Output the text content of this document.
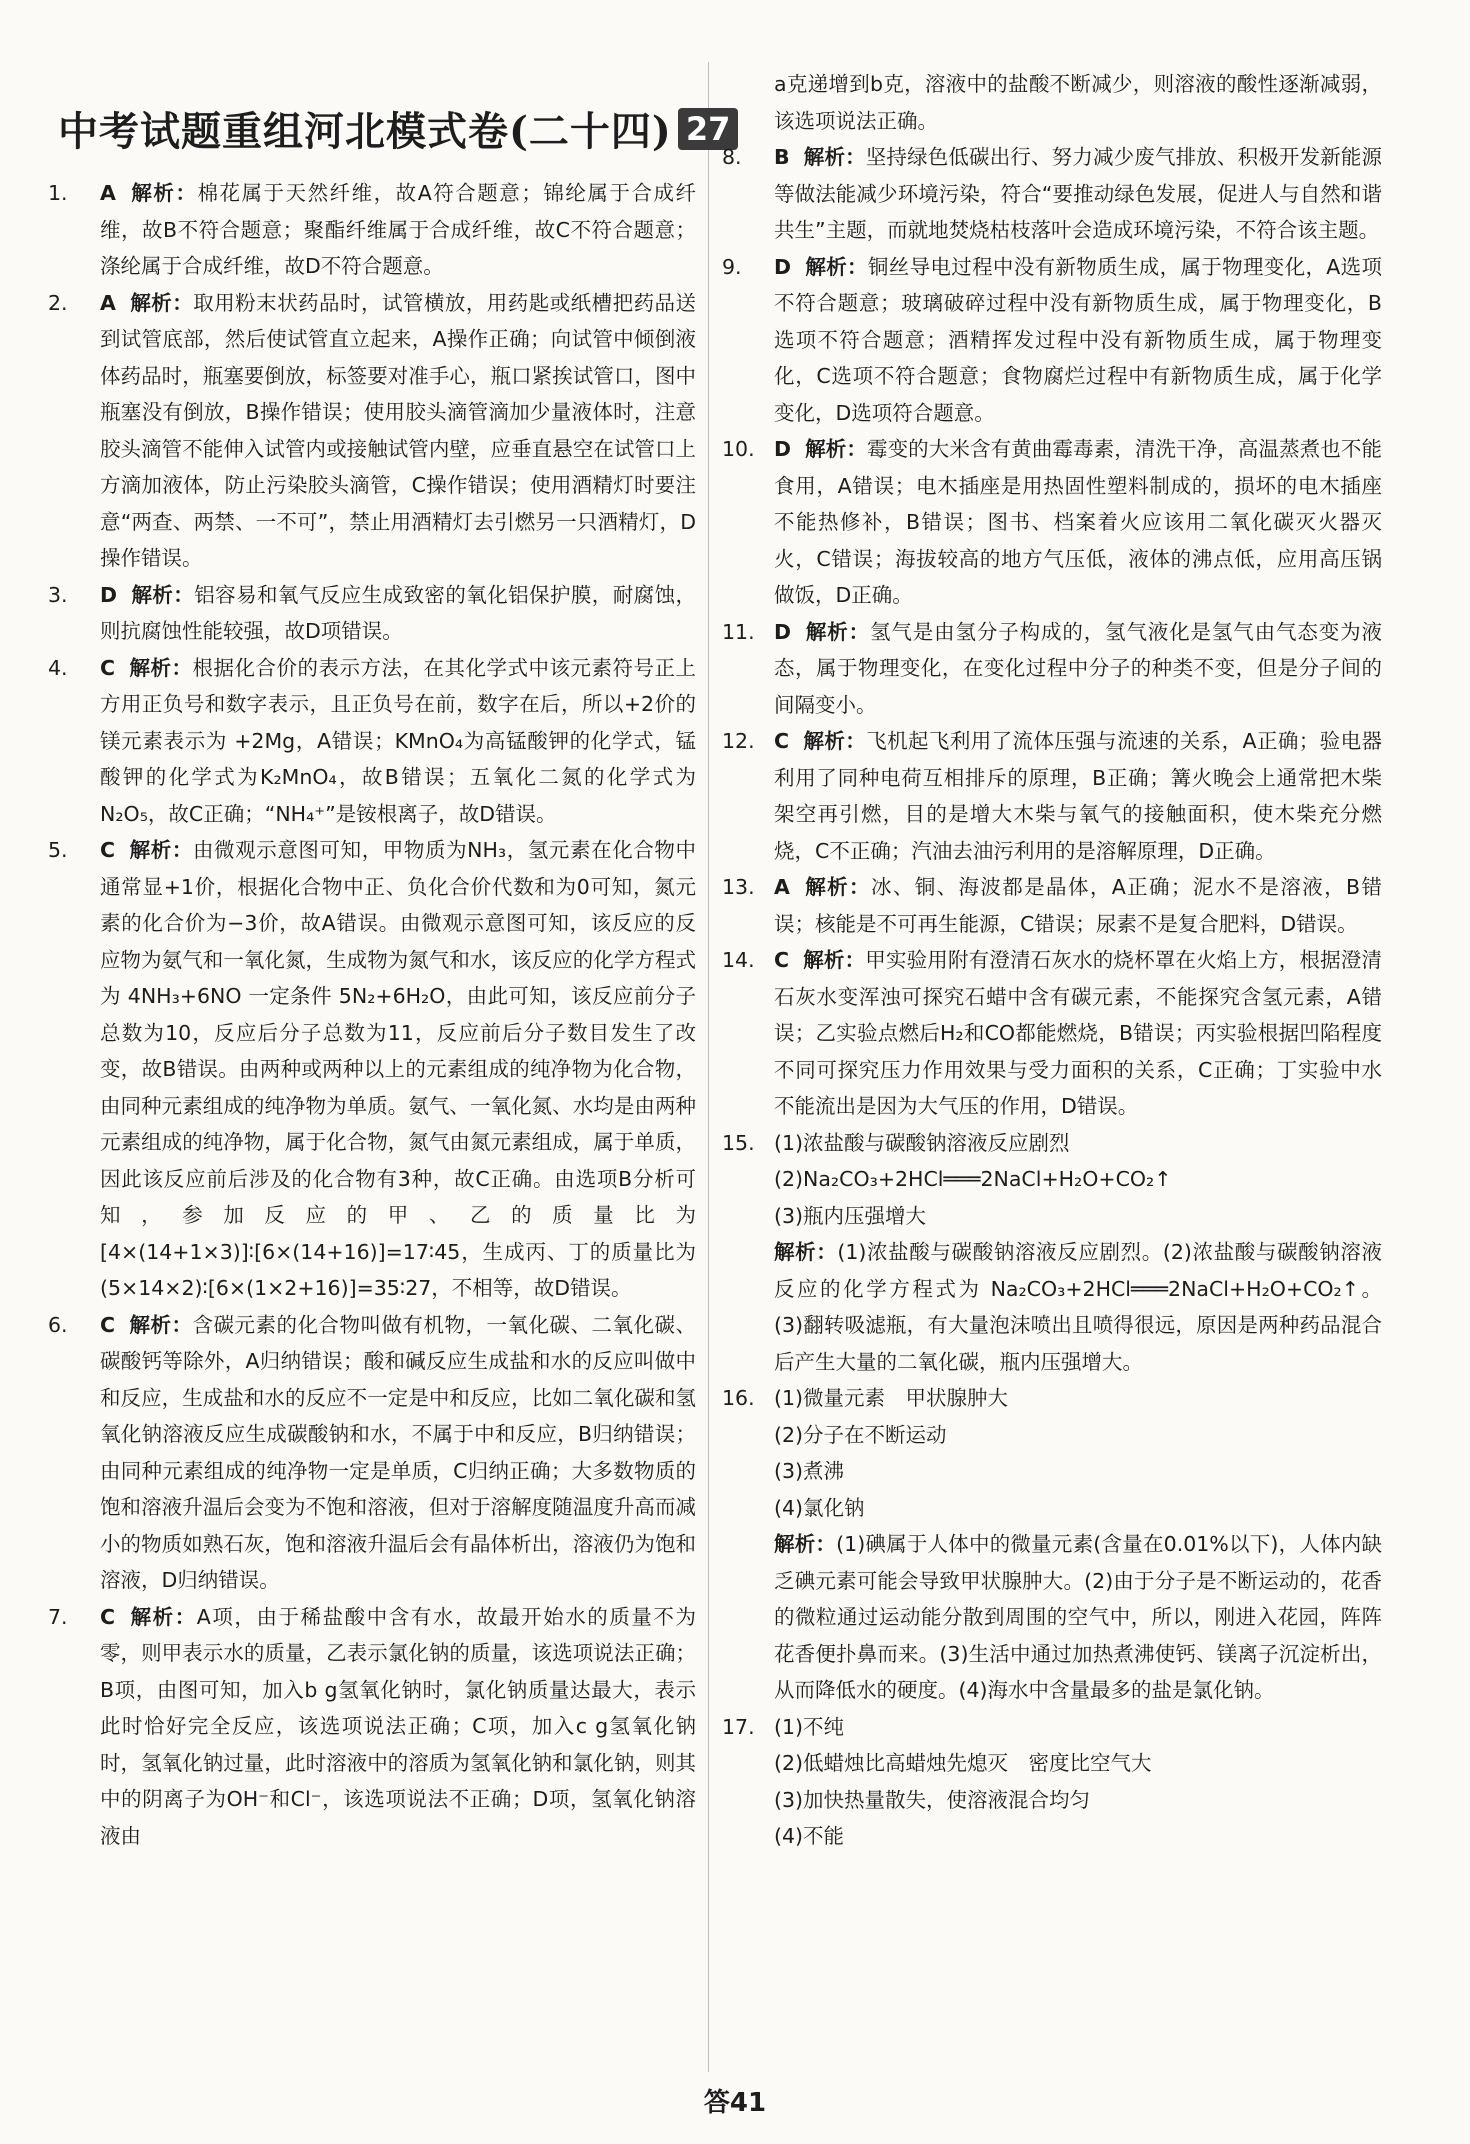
中考试题重组河北模式卷(二十四) 27
1.	A 解析：棉花属于天然纤维，故A符合题意；锦纶属于合成纤维，故B不符合题意；聚酯纤维属于合成纤维，故C不符合题意；涤纶属于合成纤维，故D不符合题意。
2.	A 解析：取用粉末状药品时，试管横放，用药匙或纸槽把药品送到试管底部，然后使试管直立起来，A操作正确；向试管中倾倒液体药品时，瓶塞要倒放，标签要对准手心，瓶口紧挨试管口，图中瓶塞没有倒放，B操作错误；使用胶头滴管滴加少量液体时，注意胶头滴管不能伸入试管内或接触试管内壁，应垂直悬空在试管口上方滴加液体，防止污染胶头滴管，C操作错误；使用酒精灯时要注意“两查、两禁、一不可”，禁止用酒精灯去引燃另一只酒精灯，D操作错误。
3.	D 解析：铝容易和氧气反应生成致密的氧化铝保护膜，耐腐蚀，则抗腐蚀性能较强，故D项错误。
4.	C 解析：根据化合价的表示方法，在其化学式中该元素符号正上方用正负号和数字表示，且正负号在前，数字在后，所以+2价的镁元素表示为 +2Mg，A错误；KMnO₄为高锰酸钾的化学式，锰酸钾的化学式为K₂MnO₄，故B错误；五氧化二氮的化学式为N₂O₅，故C正确；“NH₄⁺”是铵根离子，故D错误。
5.	C 解析：由微观示意图可知，甲物质为NH₃，氢元素在化合物中通常显+1价，根据化合物中正、负化合价代数和为0可知，氮元素的化合价为−3价，故A错误。由微观示意图可知，该反应的反应物为氨气和一氧化氮，生成物为氮气和水，该反应的化学方程式为 4NH₃+6NO 一定条件 5N₂+6H₂O，由此可知，该反应前分子总数为10，反应后分子总数为11，反应前后分子数目发生了改变，故B错误。由两种或两种以上的元素组成的纯净物为化合物，由同种元素组成的纯净物为单质。氨气、一氧化氮、水均是由两种元素组成的纯净物，属于化合物，氮气由氮元素组成，属于单质，因此该反应前后涉及的化合物有3种，故C正确。由选项B分析可知，参加反应的甲、乙的质量比为[4×(14+1×3)]∶[6×(14+16)]=17∶45，生成丙、丁的质量比为(5×14×2)∶[6×(1×2+16)]=35∶27，不相等，故D错误。
6.	C 解析：含碳元素的化合物叫做有机物，一氧化碳、二氧化碳、碳酸钙等除外，A归纳错误；酸和碱反应生成盐和水的反应叫做中和反应，生成盐和水的反应不一定是中和反应，比如二氧化碳和氢氧化钠溶液反应生成碳酸钠和水，不属于中和反应，B归纳错误；由同种元素组成的纯净物一定是单质，C归纳正确；大多数物质的饱和溶液升温后会变为不饱和溶液，但对于溶解度随温度升高而减小的物质如熟石灰，饱和溶液升温后会有晶体析出，溶液仍为饱和溶液，D归纳错误。
7.	C 解析：A项，由于稀盐酸中含有水，故最开始水的质量不为零，则甲表示水的质量，乙表示氯化钠的质量，该选项说法正确；B项，由图可知，加入b g氢氧化钠时，氯化钠质量达最大，表示此时恰好完全反应，该选项说法正确；C项，加入c g氢氧化钠时，氢氧化钠过量，此时溶液中的溶质为氢氧化钠和氯化钠，则其中的阴离子为OH⁻和Cl⁻，该选项说法不正确；D项，氢氧化钠溶液由
a克递增到b克，溶液中的盐酸不断减少，则溶液的酸性逐渐减弱，该选项说法正确。
8.	B 解析：坚持绿色低碳出行、努力减少废气排放、积极开发新能源等做法能减少环境污染，符合“要推动绿色发展，促进人与自然和谐共生”主题，而就地焚烧枯枝落叶会造成环境污染，不符合该主题。
9.	D 解析：铜丝导电过程中没有新物质生成，属于物理变化，A选项不符合题意；玻璃破碎过程中没有新物质生成，属于物理变化，B选项不符合题意；酒精挥发过程中没有新物质生成，属于物理变化，C选项不符合题意；食物腐烂过程中有新物质生成，属于化学变化，D选项符合题意。
10. D 解析：霉变的大米含有黄曲霉毒素，清洗干净，高温蒸煮也不能食用，A错误；电木插座是用热固性塑料制成的，损坏的电木插座不能热修补，B错误；图书、档案着火应该用二氧化碳灭火器灭火，C错误；海拔较高的地方气压低，液体的沸点低，应用高压锅做饭，D正确。
11. D 解析：氢气是由氢分子构成的，氢气液化是氢气由气态变为液态，属于物理变化，在变化过程中分子的种类不变，但是分子间的间隔变小。
12. C 解析：飞机起飞利用了流体压强与流速的关系，A正确；验电器利用了同种电荷互相排斥的原理，B正确；篝火晚会上通常把木柴架空再引燃，目的是增大木柴与氧气的接触面积，使木柴充分燃烧，C不正确；汽油去油污利用的是溶解原理，D正确。
13. A 解析：冰、铜、海波都是晶体，A正确；泥水不是溶液，B错误；核能是不可再生能源，C错误；尿素不是复合肥料，D错误。
14. C 解析：甲实验用附有澄清石灰水的烧杯罩在火焰上方，根据澄清石灰水变浑浊可探究石蜡中含有碳元素，不能探究含氢元素，A错误；乙实验点燃后H₂和CO都能燃烧，B错误；丙实验根据凹陷程度不同可探究压力作用效果与受力面积的关系，C正确；丁实验中水不能流出是因为大气压的作用，D错误。
15. (1)浓盐酸与碳酸钠溶液反应剧烈
(2)Na₂CO₃+2HCl═══2NaCl+H₂O+CO₂↑
(3)瓶内压强增大
解析：(1)浓盐酸与碳酸钠溶液反应剧烈。(2)浓盐酸与碳酸钠溶液反应的化学方程式为 Na₂CO₃+2HCl═══2NaCl+H₂O+CO₂↑。(3)翻转吸滤瓶，有大量泡沫喷出且喷得很远，原因是两种药品混合后产生大量的二氧化碳，瓶内压强增大。
16. (1)微量元素　甲状腺肿大
(2)分子在不断运动
(3)煮沸
(4)氯化钠
解析：(1)碘属于人体中的微量元素(含量在0.01%以下)，人体内缺乏碘元素可能会导致甲状腺肿大。(2)由于分子是不断运动的，花香的微粒通过运动能分散到周围的空气中，所以，刚进入花园，阵阵花香便扑鼻而来。(3)生活中通过加热煮沸使钙、镁离子沉淀析出，从而降低水的硬度。(4)海水中含量最多的盐是氯化钠。
17. (1)不纯
(2)低蜡烛比高蜡烛先熄灭　密度比空气大
(3)加快热量散失，使溶液混合均匀
(4)不能
答41
